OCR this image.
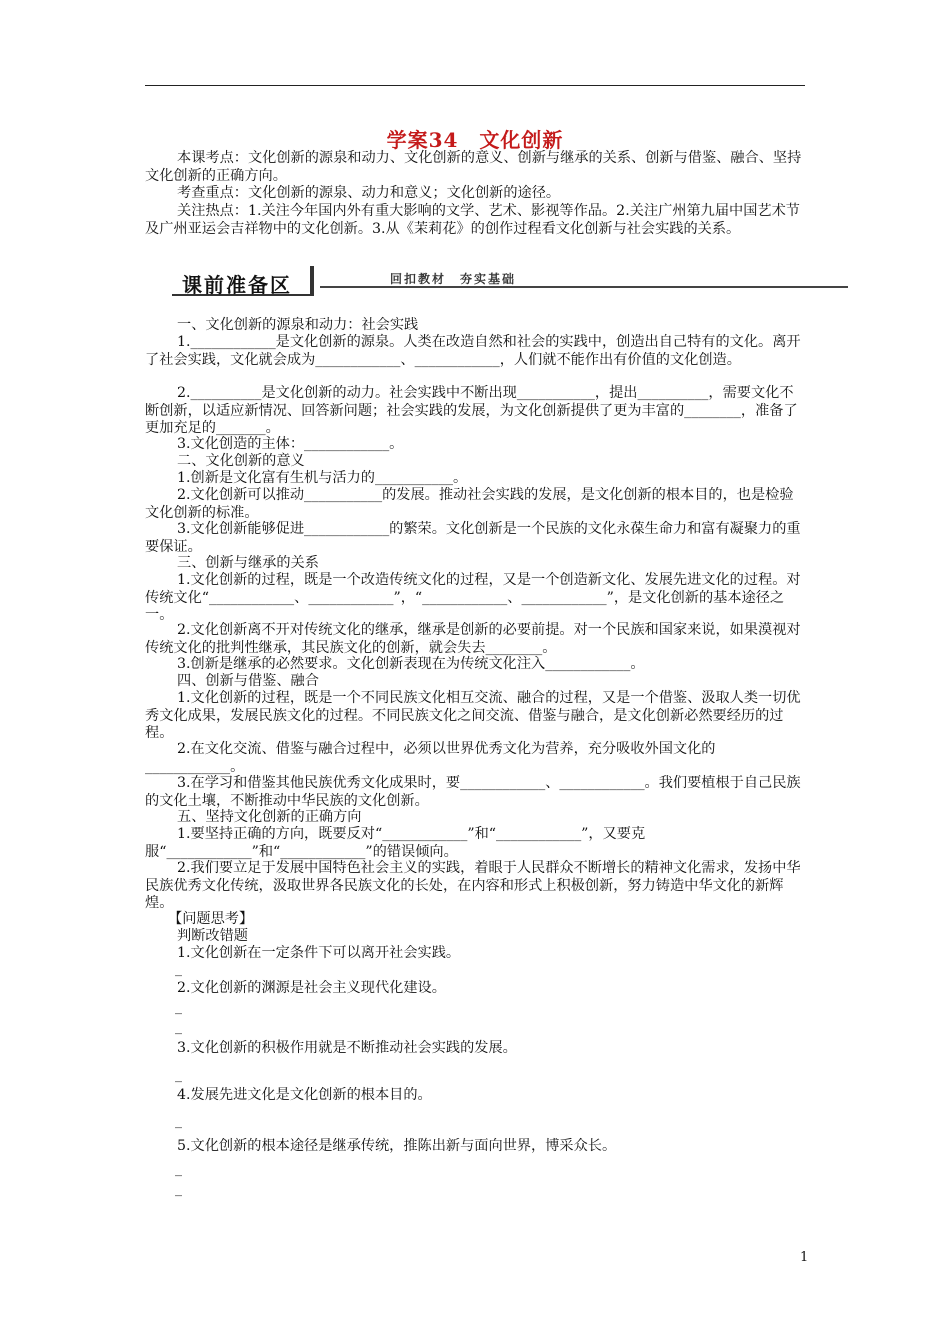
学案34　文化创新

本课考点：文化创新的源泉和动力、文化创新的意义、创新与继承的关系、创新与借鉴、融合、坚持文化创新的正确方向。

考查重点：文化创新的源泉、动力和意义；文化创新的途径。

关注热点：1.关注今年国内外有重大影响的文学、艺术、影视等作品。2.关注广州第九届中国艺术节及广州亚运会吉祥物中的文化创新。3.从《茉莉花》的创作过程看文化创新与社会实践的关系。

课前准备区	回扣教材　夯实基础

一、文化创新的源泉和动力：社会实践

1.____________是文化创新的源泉。人类在改造自然和社会的实践中，创造出自己特有的文化。离开了社会实践，文化就会成为____________、____________，人们就不能作出有价值的文化创造。

2.__________是文化创新的动力。社会实践中不断出现___________，提出__________，需要文化不断创新，以适应新情况、回答新问题；社会实践的发展，为文化创新提供了更为丰富的________，准备了更加充足的_______。

3.文化创造的主体：____________。

二、文化创新的意义

1.创新是文化富有生机与活力的___________。

2.文化创新可以推动___________的发展。推动社会实践的发展，是文化创新的根本目的，也是检验文化创新的标准。

3.文化创新能够促进____________的繁荣。文化创新是一个民族的文化永葆生命力和富有凝聚力的重要保证。

三、创新与继承的关系

1.文化创新的过程，既是一个改造传统文化的过程，又是一个创造新文化、发展先进文化的过程。对传统文化“____________、____________”，“____________、____________”，是文化创新的基本途径之一。

2.文化创新离不开对传统文化的继承，继承是创新的必要前提。对一个民族和国家来说，如果漠视对传统文化的批判性继承，其民族文化的创新，就会失去________。

3.创新是继承的必然要求。文化创新表现在为传统文化注入____________。

四、创新与借鉴、融合

1.文化创新的过程，既是一个不同民族文化相互交流、融合的过程，又是一个借鉴、汲取人类一切优秀文化成果，发展民族文化的过程。不同民族文化之间交流、借鉴与融合，是文化创新必然要经历的过程。

2.在文化交流、借鉴与融合过程中，必须以世界优秀文化为营养，充分吸收外国文化的____________。

3.在学习和借鉴其他民族优秀文化成果时，要____________、____________。我们要植根于自己民族的文化土壤，不断推动中华民族的文化创新。

五、坚持文化创新的正确方向

1.要坚持正确的方向，既要反对“____________”和“____________”，又要克服“____________”和“____________”的错误倾向。

2.我们要立足于发展中国特色社会主义的实践，着眼于人民群众不断增长的精神文化需求，发扬中华民族优秀文化传统，汲取世界各民族文化的长处，在内容和形式上积极创新，努力铸造中华文化的新辉煌。

【问题思考】

判断改错题

1.文化创新在一定条件下可以离开社会实践。

_

2.文化创新的渊源是社会主义现代化建设。

_
_

3.文化创新的积极作用就是不断推动社会实践的发展。

_

4.发展先进文化是文化创新的根本目的。

_

5.文化创新的根本途径是继承传统，推陈出新与面向世界，博采众长。

_
_
1
